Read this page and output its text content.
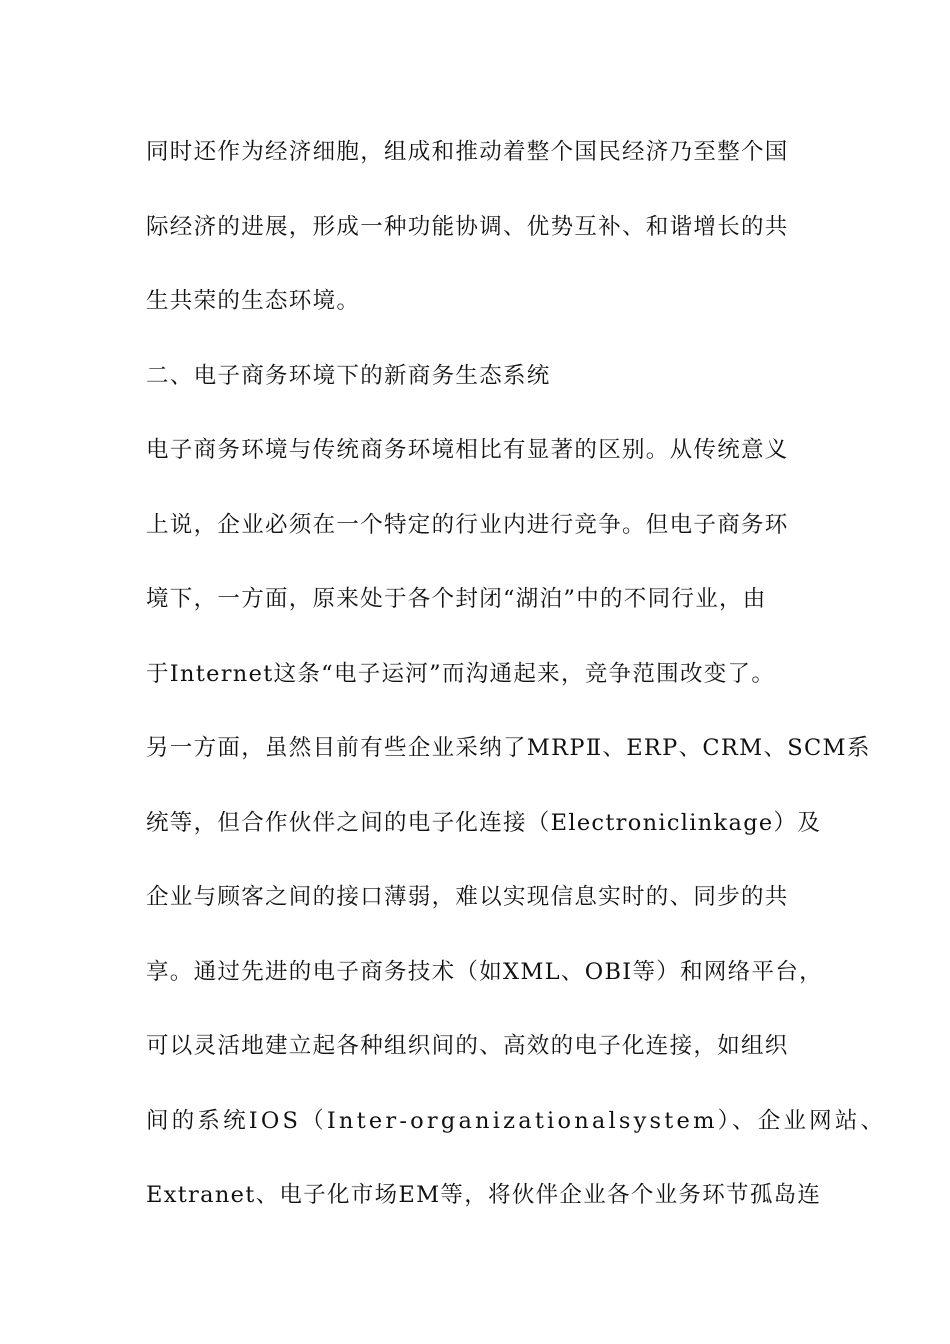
同时还作为经济细胞，组成和推动着整个国民经济乃至整个国
际经济的进展，形成一种功能协调、优势互补、和谐增长的共
生共荣的生态环境。
二、电子商务环境下的新商务生态系统
电子商务环境与传统商务环境相比有显著的区别。从传统意义
上说，企业必须在一个特定的行业内进行竞争。但电子商务环
境下，一方面，原来处于各个封闭“湖泊”中的不同行业，由
于Internet这条“电子运河”而沟通起来，竞争范围改变了。
另一方面，虽然目前有些企业采纳了MRPⅡ、ERP、CRM、SCM系
统等，但合作伙伴之间的电子化连接（Electroniclinkage）及
企业与顾客之间的接口薄弱，难以实现信息实时的、同步的共
享。通过先进的电子商务技术（如XML、OBI等）和网络平台，
可以灵活地建立起各种组织间的、高效的电子化连接，如组织
间的系统IOS（Inter-organizationalsystem）、企业网站、
Extranet、电子化市场EM等，将伙伴企业各个业务环节孤岛连
